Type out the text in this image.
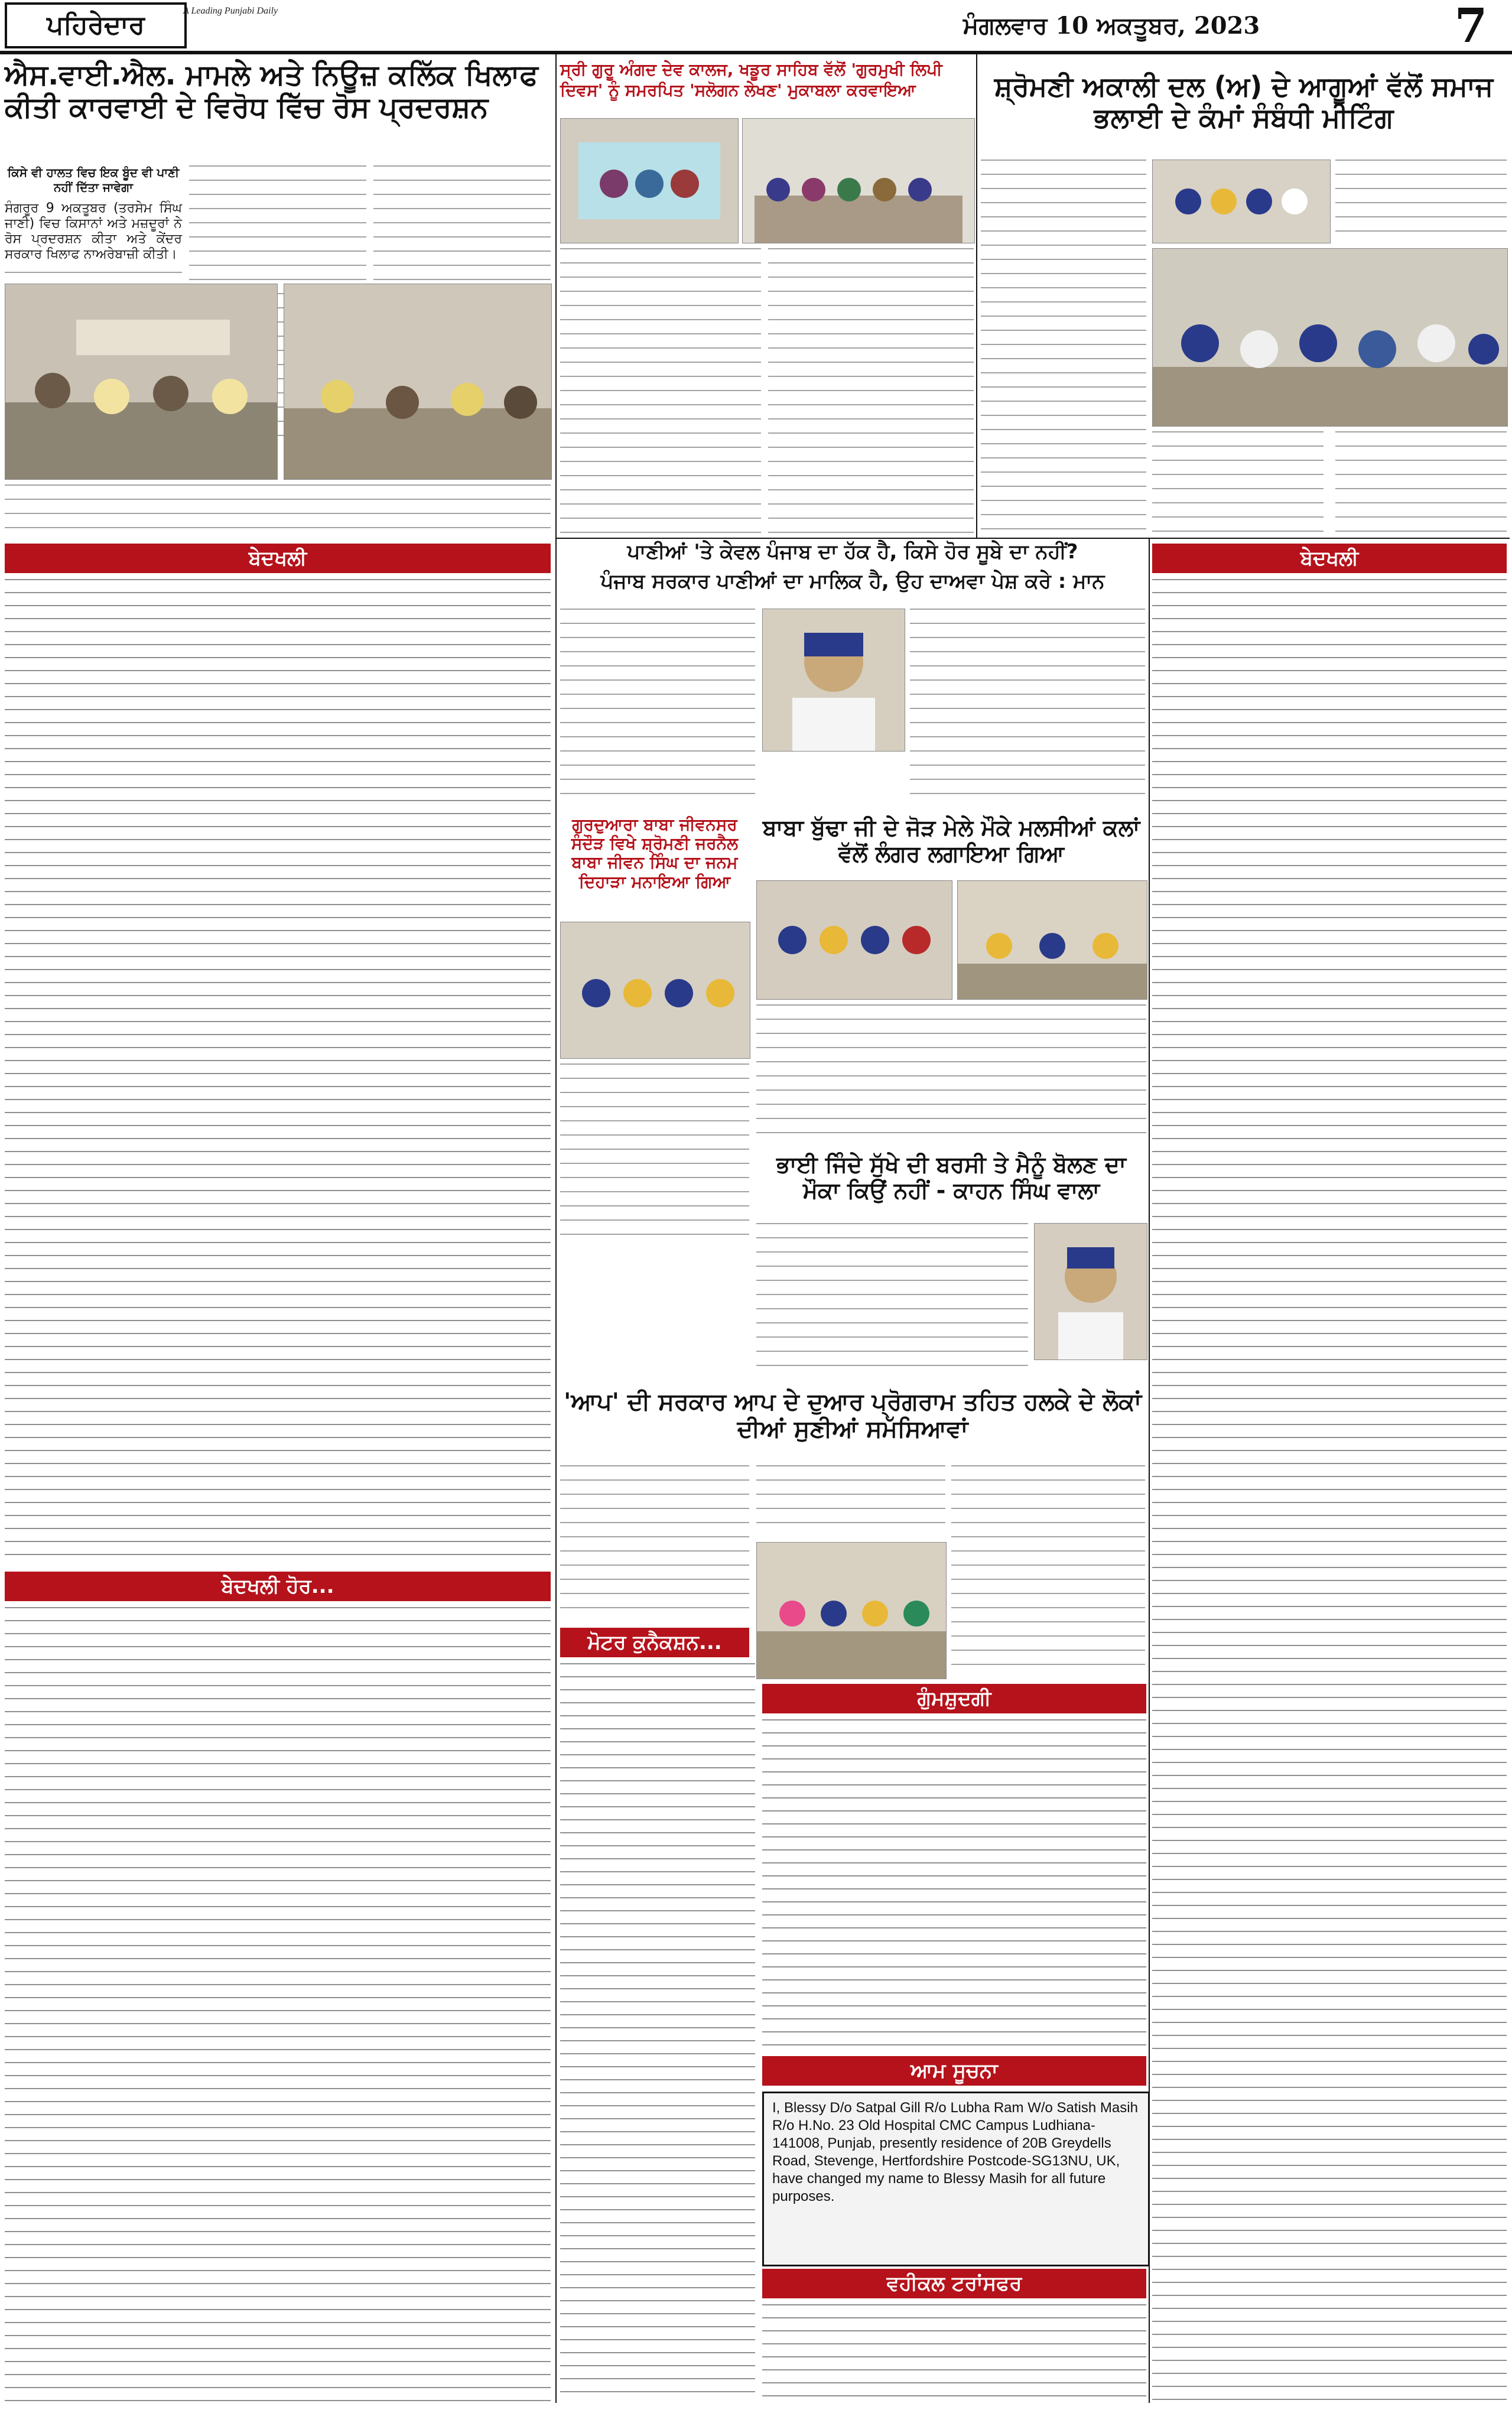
ਪਹਿਰੇਦਾਰ	A Leading Punjabi Daily
ਮੰਗਲਵਾਰ 10 ਅਕਤੂਬਰ, 2023	7
ਐਸ.ਵਾਈ.ਐਲ. ਮਾਮਲੇ ਅਤੇ ਨਿਊਜ਼ ਕਲਿੱਕ ਖਿਲਾਫ ਕੀਤੀ ਕਾਰਵਾਈ ਦੇ ਵਿਰੋਧ ਵਿੱਚ ਰੋਸ ਪ੍ਰਦਰਸ਼ਨ
ਕਿਸੇ ਵੀ ਹਾਲਤ ਵਿਚ ਇਕ ਬੂੰਦ ਵੀ ਪਾਣੀ ਨਹੀਂ ਦਿੱਤਾ ਜਾਵੇਗਾ
ਸੰਗਰੂਰ 9 ਅਕਤੂਬਰ (ਤਰਸੇਮ ਸਿੰਘ ਜਾਣੀ) ਵਿਚ ਕਿਸਾਨਾਂ ਅਤੇ ਮਜ਼ਦੂਰਾਂ ਨੇ ਰੋਸ ਪ੍ਰਦਰਸ਼ਨ ਕੀਤਾ ਅਤੇ ਕੇਂਦਰ ਸਰਕਾਰ ਖਿਲਾਫ ਨਾਅਰੇਬਾਜ਼ੀ ਕੀਤੀ।
ਸ੍ਰੀ ਗੁਰੂ ਅੰਗਦ ਦੇਵ ਕਾਲਜ, ਖਡੂਰ ਸਾਹਿਬ ਵੱਲੋਂ 'ਗੁਰਮੁਖੀ ਲਿਪੀ ਦਿਵਸ' ਨੂੰ ਸਮਰਪਿਤ 'ਸਲੋਗਨ ਲੇਖਣ' ਮੁਕਾਬਲਾ ਕਰਵਾਇਆ	ਸ਼੍ਰੋਮਣੀ ਅਕਾਲੀ ਦਲ (ਅ) ਦੇ ਆਗੂਆਂ ਵੱਲੋਂ ਸਮਾਜ ਭਲਾਈ ਦੇ ਕੰਮਾਂ ਸੰਬੰਧੀ ਮੀਟਿੰਗ
ਬੇਦਖਲੀ	ਬੇਦਖਲੀ
ਬੇਦਖਲੀ ਹੋਰ...
ਪਾਣੀਆਂ 'ਤੇ ਕੇਵਲ ਪੰਜਾਬ ਦਾ ਹੱਕ ਹੈ, ਕਿਸੇ ਹੋਰ ਸੂਬੇ ਦਾ ਨਹੀਂ?
ਪੰਜਾਬ ਸਰਕਾਰ ਪਾਣੀਆਂ ਦਾ ਮਾਲਿਕ ਹੈ, ਉਹ ਦਾਅਵਾ ਪੇਸ਼ ਕਰੇ : ਮਾਨ
ਬਾਬਾ ਬੁੱਢਾ ਜੀ ਦੇ ਜੋੜ ਮੇਲੇ ਮੌਕੇ ਮਲਸੀਆਂ ਕਲਾਂ ਵੱਲੋਂ ਲੰਗਰ ਲਗਾਇਆ ਗਿਆ
ਗੁਰਦੁਆਰਾ ਬਾਬਾ ਜੀਵਨਸਰ ਸੰਦੌੜ ਵਿਖੇ ਸ਼੍ਰੋਮਣੀ ਜਰਨੈਲ ਬਾਬਾ ਜੀਵਨ ਸਿੰਘ ਦਾ ਜਨਮ ਦਿਹਾੜਾ ਮਨਾਇਆ ਗਿਆ
ਭਾਈ ਜਿੰਦੇ ਸੁੱਖੇ ਦੀ ਬਰਸੀ ਤੇ ਮੈਨੂੰ ਬੋਲਣ ਦਾ ਮੌਕਾ ਕਿਉਂ ਨਹੀਂ - ਕਾਹਨ ਸਿੰਘ ਵਾਲਾ
'ਆਪ' ਦੀ ਸਰਕਾਰ ਆਪ ਦੇ ਦੁਆਰ ਪ੍ਰੋਗਰਾਮ ਤਹਿਤ ਹਲਕੇ ਦੇ ਲੋਕਾਂ ਦੀਆਂ ਸੁਣੀਆਂ ਸਮੱਸਿਆਵਾਂ
ਮੋਟਰ ਕੁਨੈਕਸ਼ਨ...
ਗੁੰਮਸ਼ੁਦਗੀ
ਆਮ ਸੂਚਨਾ
I, Blessy D/o Satpal Gill R/o Lubha Ram W/o Satish Masih R/o H.No. 23 Old Hospital CMC Campus Ludhiana-141008, Punjab, presently residence of 20B Greydells Road, Stevenge, Hertfordshire Postcode-SG13NU, UK, have changed my name to Blessy Masih for all future purposes.
ਵਹੀਕਲ ਟਰਾਂਸਫਰ
